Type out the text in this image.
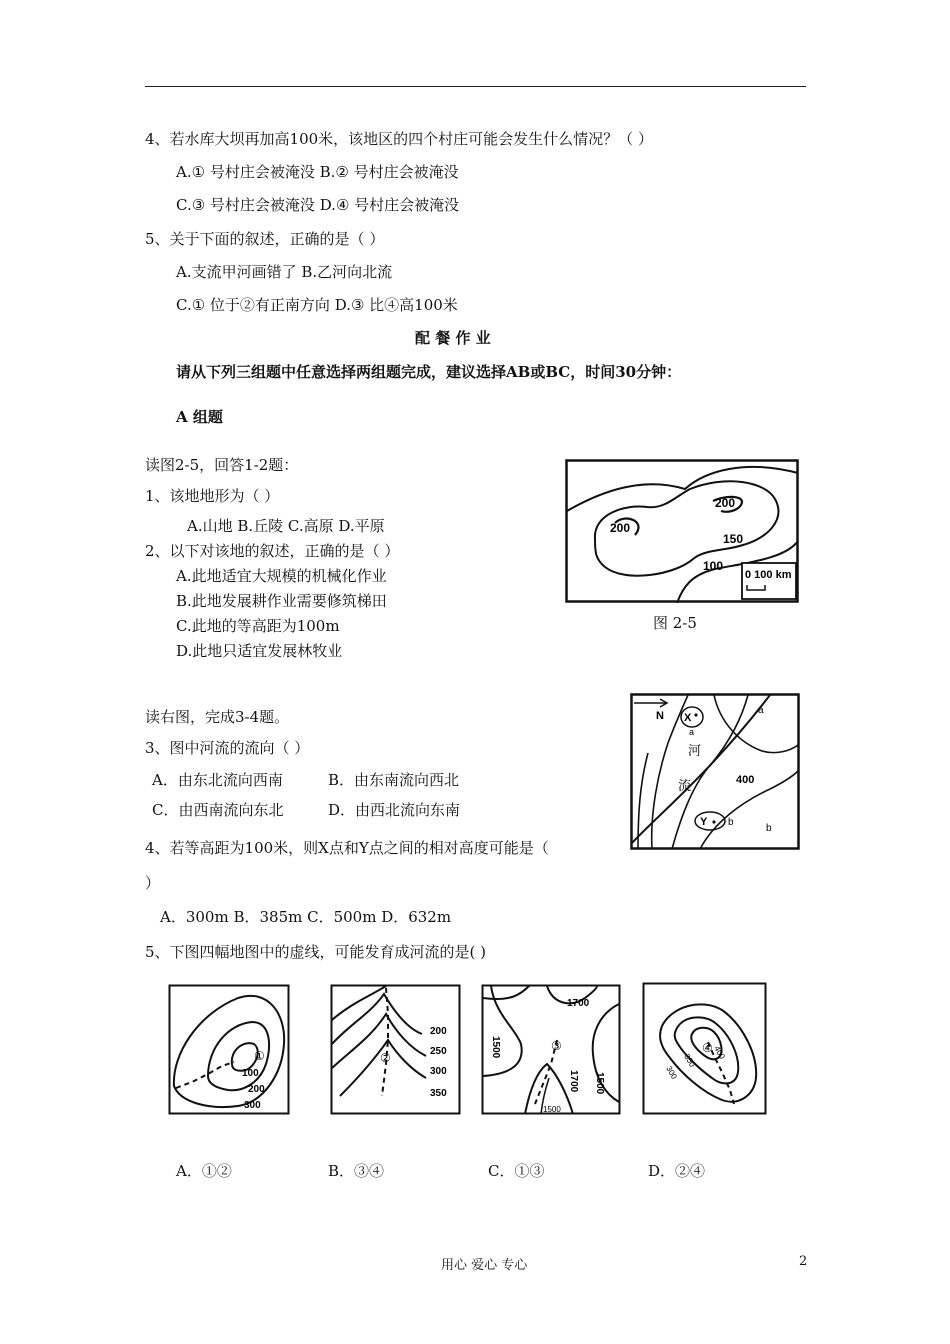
4、若水库大坝再加高100米，该地区的四个村庄可能会发生什么情况？（ ）
A.① 号村庄会被淹没 B.② 号村庄会被淹没
C.③ 号村庄会被淹没 D.④ 号村庄会被淹没
5、关于下面的叙述，正确的是（ ）
A.支流甲河画错了 B.乙河向北流
C.① 位于②有正南方向 D.③ 比④高100米
配 餐 作 业
请从下列三组题中任意选择两组题完成，建议选择AB或BC，时间30分钟：
A 组题
读图2-5，回答1-2题：
1、该地地形为（ ）
A.山地 B.丘陵 C.高原 D.平原
2、以下对该地的叙述，正确的是（ ）
A.此地适宜大规模的机械化作业
B.此地发展耕作业需要修筑梯田
C.此地的等高距为100m
D.此地只适宜发展林牧业
200
200
150
100
0 100 km
图 2-5
读右图，完成3-4题。
3、图中河流的流向（ ）
A．由东北流向西南	B．由东南流向西北
C．由西南流向东北	D．由西北流向东南
4、若等高距为100米，则X点和Y点之间的相对高度可能是（
）
A．300m B．385m C．500m D．632m
5、下图四幅地图中的虚线，可能发育成河流的是( )
N X
a
a
河
流	400
Y b
b
①
100
200
300
②
200
250
300
350
③
1700
1500
1700 1500
1500
④ 400
350
300
A．①②	B．③④	C．①③	D．②④
用心 爱心 专心	2
